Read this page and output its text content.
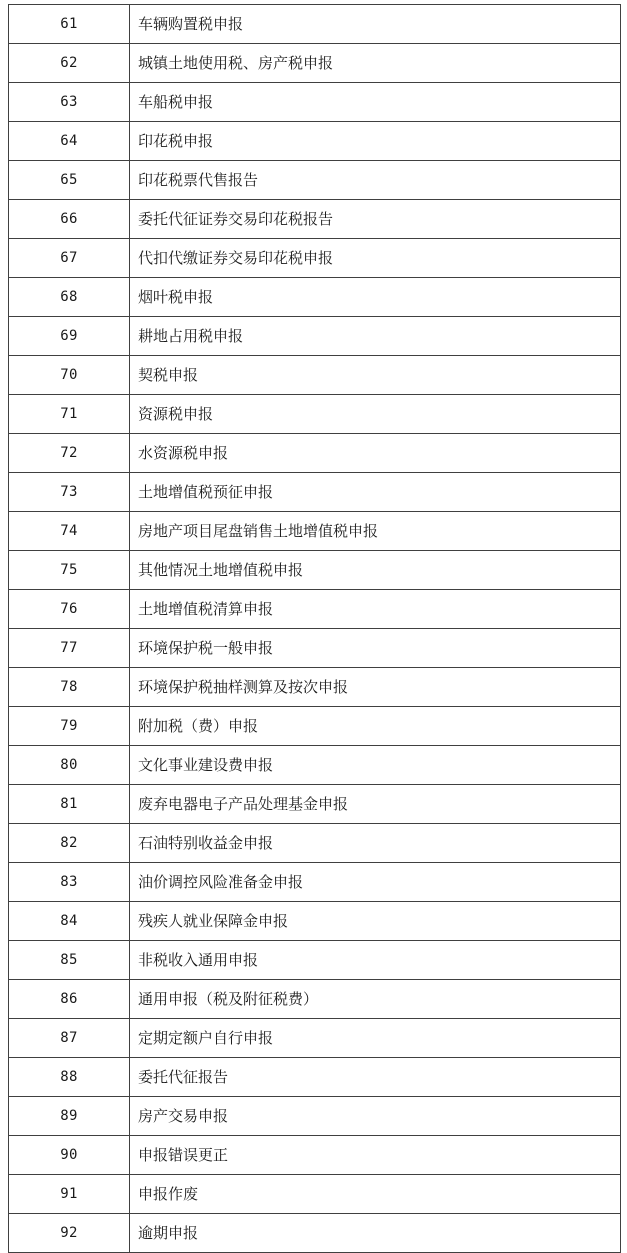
61	车辆购置税申报
62	城镇土地使用税、房产税申报
63	车船税申报
64	印花税申报
65	印花税票代售报告
66	委托代征证券交易印花税报告
67	代扣代缴证券交易印花税申报
68	烟叶税申报
69	耕地占用税申报
70	契税申报
71	资源税申报
72	水资源税申报
73	土地增值税预征申报
74	房地产项目尾盘销售土地增值税申报
75	其他情况土地增值税申报
76	土地增值税清算申报
77	环境保护税一般申报
78	环境保护税抽样测算及按次申报
79	附加税（费）申报
80	文化事业建设费申报
81	废弃电器电子产品处理基金申报
82	石油特别收益金申报
83	油价调控风险准备金申报
84	残疾人就业保障金申报
85	非税收入通用申报
86	通用申报（税及附征税费）
87	定期定额户自行申报
88	委托代征报告
89	房产交易申报
90	申报错误更正
91	申报作废
92	逾期申报
